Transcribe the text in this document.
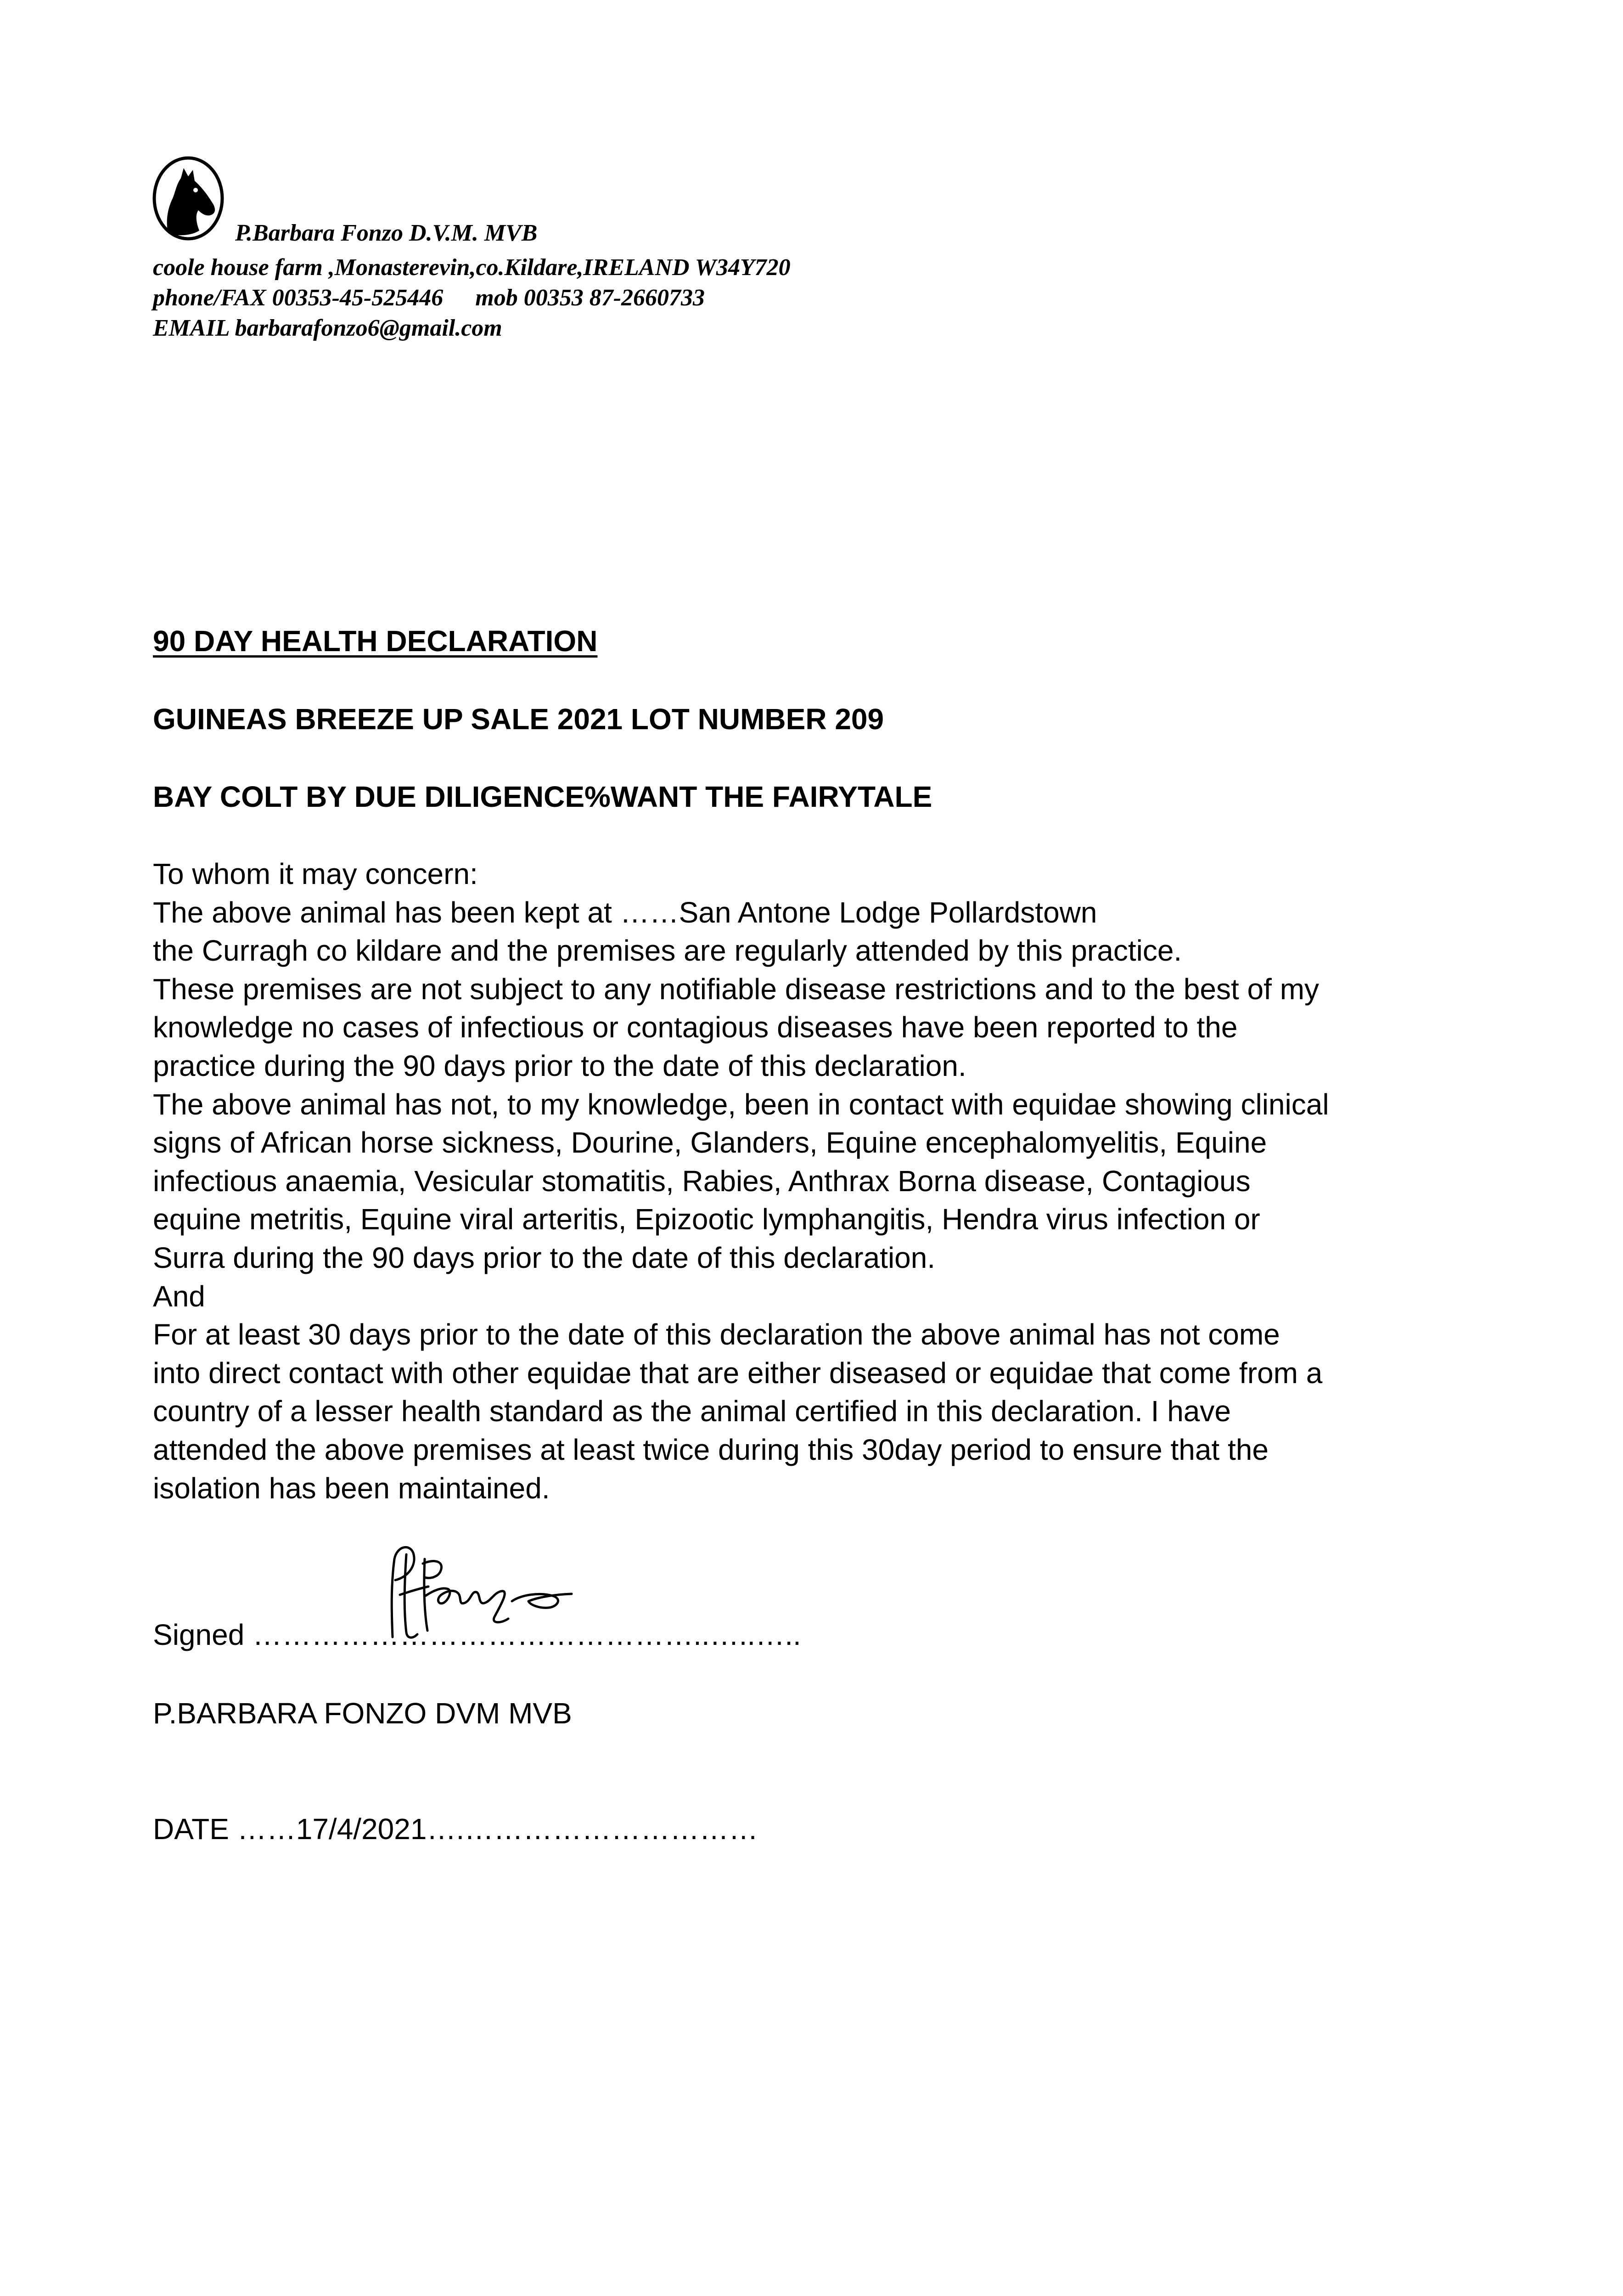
P.Barbara Fonzo D.V.M. MVB
coole house farm ,Monasterevin,co.Kildare,IRELAND W34Y720
phone/FAX 00353-45-525446 mob 00353 87-2660733
EMAIL barbarafonzo6@gmail.com
90 DAY HEALTH DECLARATION
GUINEAS BREEZE UP SALE 2021 LOT NUMBER 209
BAY COLT BY DUE DILIGENCE%WANT THE FAIRYTALE

To whom it may concern:

The above animal has been kept at ……San Antone Lodge Pollardstown

the Curragh co kildare and the premises are regularly attended by this practice.

These premises are not subject to any notifiable disease restrictions and to the best of my

knowledge no cases of infectious or contagious diseases have been reported to the

practice during the 90 days prior to the date of this declaration.

The above animal has not, to my knowledge, been in contact with equidae showing clinical

signs of African horse sickness, Dourine, Glanders, Equine encephalomyelitis, Equine

infectious anaemia, Vesicular stomatitis, Rabies, Anthrax Borna disease, Contagious

equine metritis, Equine viral arteritis, Epizootic lymphangitis, Hendra virus infection or

Surra during the 90 days prior to the date of this declaration.

And

For at least 30 days prior to the date of this declaration the above animal has not come

into direct contact with other equidae that are either diseased or equidae that come from a

country of a lesser health standard as the animal certified in this declaration. I have

attended the above premises at least twice during this 30day period to ensure that the

isolation has been maintained.

Signed ………………………………………..…..…..
P.BARBARA FONZO DVM MVB
DATE ……17/4/2021….…………………………
